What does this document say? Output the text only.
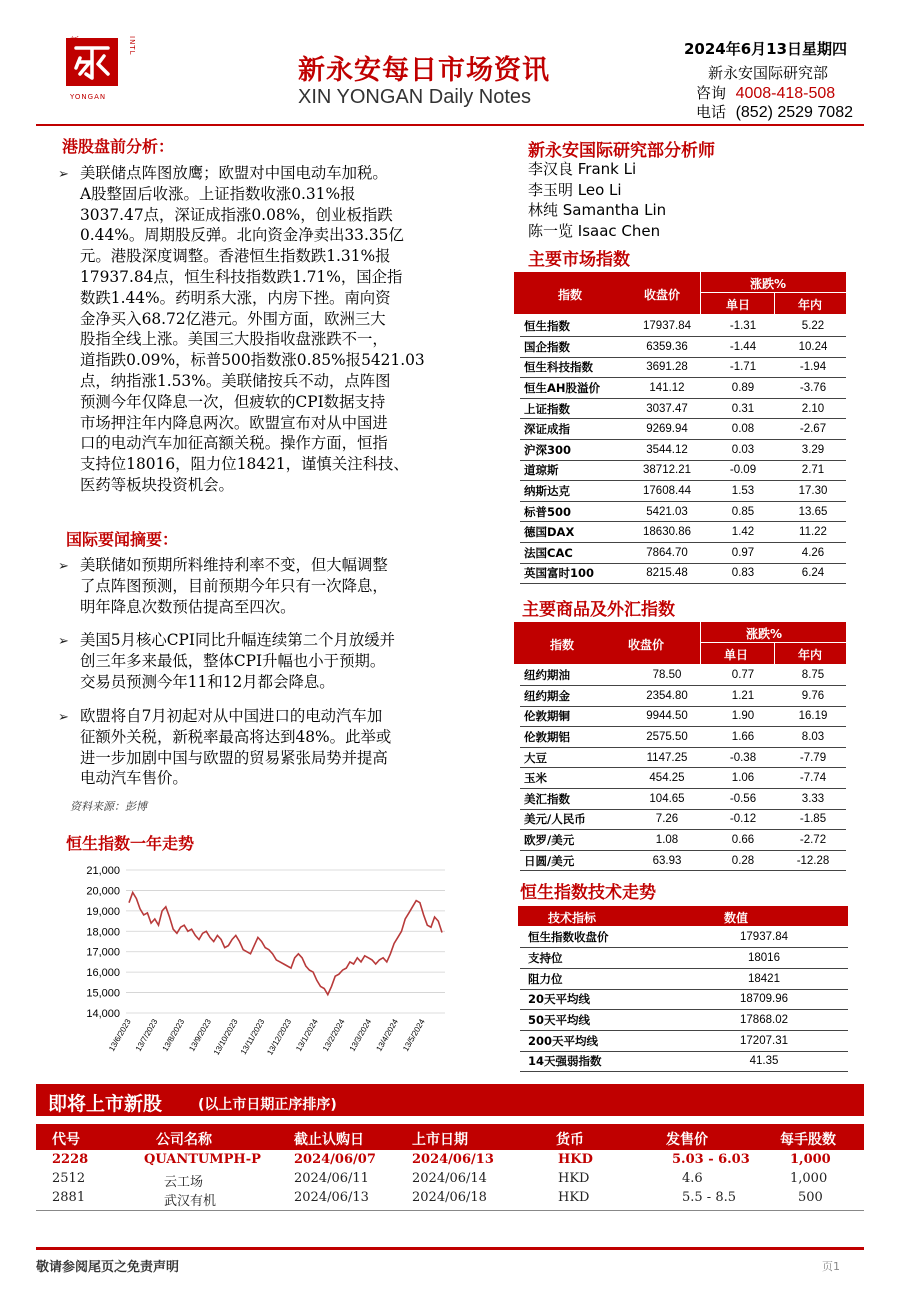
新	INTL
YONGAN
新永安每日市场资讯
XIN YONGAN Daily Notes
2024年6月13日星期四
新永安国际研究部
咨询 4008-418-508
电话 (852) 2529 7082
港股盘前分析：
➢ 美联储点阵图放鹰；欧盟对中国电动车加税。
A股整固后收涨。上证指数收涨0.31%报
3037.47点，深证成指涨0.08%，创业板指跌
0.44%。周期股反弹。北向资金净卖出33.35亿
元。港股深度调整。香港恒生指数跌1.31%报
17937.84点，恒生科技指数跌1.71%，国企指
数跌1.44%。药明系大涨，内房下挫。南向资
金净买入68.72亿港元。外围方面，欧洲三大
股指全线上涨。美国三大股指收盘涨跌不一，
道指跌0.09%，标普500指数涨0.85%报5421.03
点，纳指涨1.53%。美联储按兵不动，点阵图
预测今年仅降息一次，但疲软的CPI数据支持
市场押注年内降息两次。欧盟宣布对从中国进
口的电动汽车加征高额关税。操作方面，恒指
支持位18016，阻力位18421，谨慎关注科技、
医药等板块投资机会。
国际要闻摘要：
➢ 美联储如预期所料维持利率不变，但大幅调整
了点阵图预测，目前预期今年只有一次降息，
明年降息次数预估提高至四次。
➢ 美国5月核心CPI同比升幅连续第二个月放缓并
创三年多来最低，整体CPI升幅也小于预期。
交易员预测今年11和12月都会降息。
➢ 欧盟将自7月初起对从中国进口的电动汽车加
征额外关税，新税率最高将达到48%。此举或
进一步加剧中国与欧盟的贸易紧张局势并提高
电动汽车售价。
资料来源：彭博
恒生指数一年走势
21,000
20,000
19,000
18,000
17,000
16,000
15,000
14,000
13/6/2023 13/7/2023 13/8/2023 13/9/2023
13/10/2023 13/11/2023
13/12/2023 13/1/2024 13/2/2024 13/3/2024 13/4/2024 13/5/2024
新永安国际研究部分析师
李汉良 Frank Li
李玉明 Leo Li
林纯 Samantha Lin
陈一览 Isaac Chen
主要市场指数
指数	收盘价
涨跌%
单日	年内
恒生指数	17937.84	-1.31	5.22
国企指数	6359.36	-1.44	10.24
恒生科技指数	3691.28	-1.71	-1.94
恒生AH股溢价	141.12	0.89	-3.76
上证指数	3037.47	0.31	2.10
深证成指	9269.94	0.08	-2.67
沪深300	3544.12	0.03	3.29
道琼斯	38712.21	-0.09	2.71
纳斯达克	17608.44	1.53	17.30
标普500	5421.03	0.85	13.65
德国DAX	18630.86	1.42	11.22
法国CAC	7864.70	0.97	4.26
英国富时100	8215.48	0.83	6.24
主要商品及外汇指数
指数	收盘价
涨跌%
单日	年内
纽约期油	78.50	0.77	8.75
纽约期金	2354.80	1.21	9.76
伦敦期铜	9944.50	1.90	16.19
伦敦期铝	2575.50	1.66	8.03
大豆	1147.25	-0.38	-7.79
玉米	454.25	1.06	-7.74
美汇指数	104.65	-0.56	3.33
美元/人民币	7.26	-0.12	-1.85
欧罗/美元	1.08	0.66	-2.72
日圆/美元	63.93	0.28	-12.28
恒生指数技术走势
技术指标	数值
恒生指数收盘价	17937.84
支持位	18016
阻力位	18421
20天平均线	18709.96
50天平均线	17868.02
200天平均线	17207.31
14天强弱指数	41.35
即将上市新股	(以上市日期正序排序)
代号	公司名称	截止认购日	上市日期	货币	发售价	每手股数
2228	QUANTUMPH-P	2024/06/07	2024/06/13	HKD	5.03 - 6.03	1,000
2512	云工场	2024/06/11	2024/06/14	HKD	4.6	1,000
2881	武汉有机	2024/06/13	2024/06/18	HKD	5.5 - 8.5	500
敬请参阅尾页之免责声明	页1
